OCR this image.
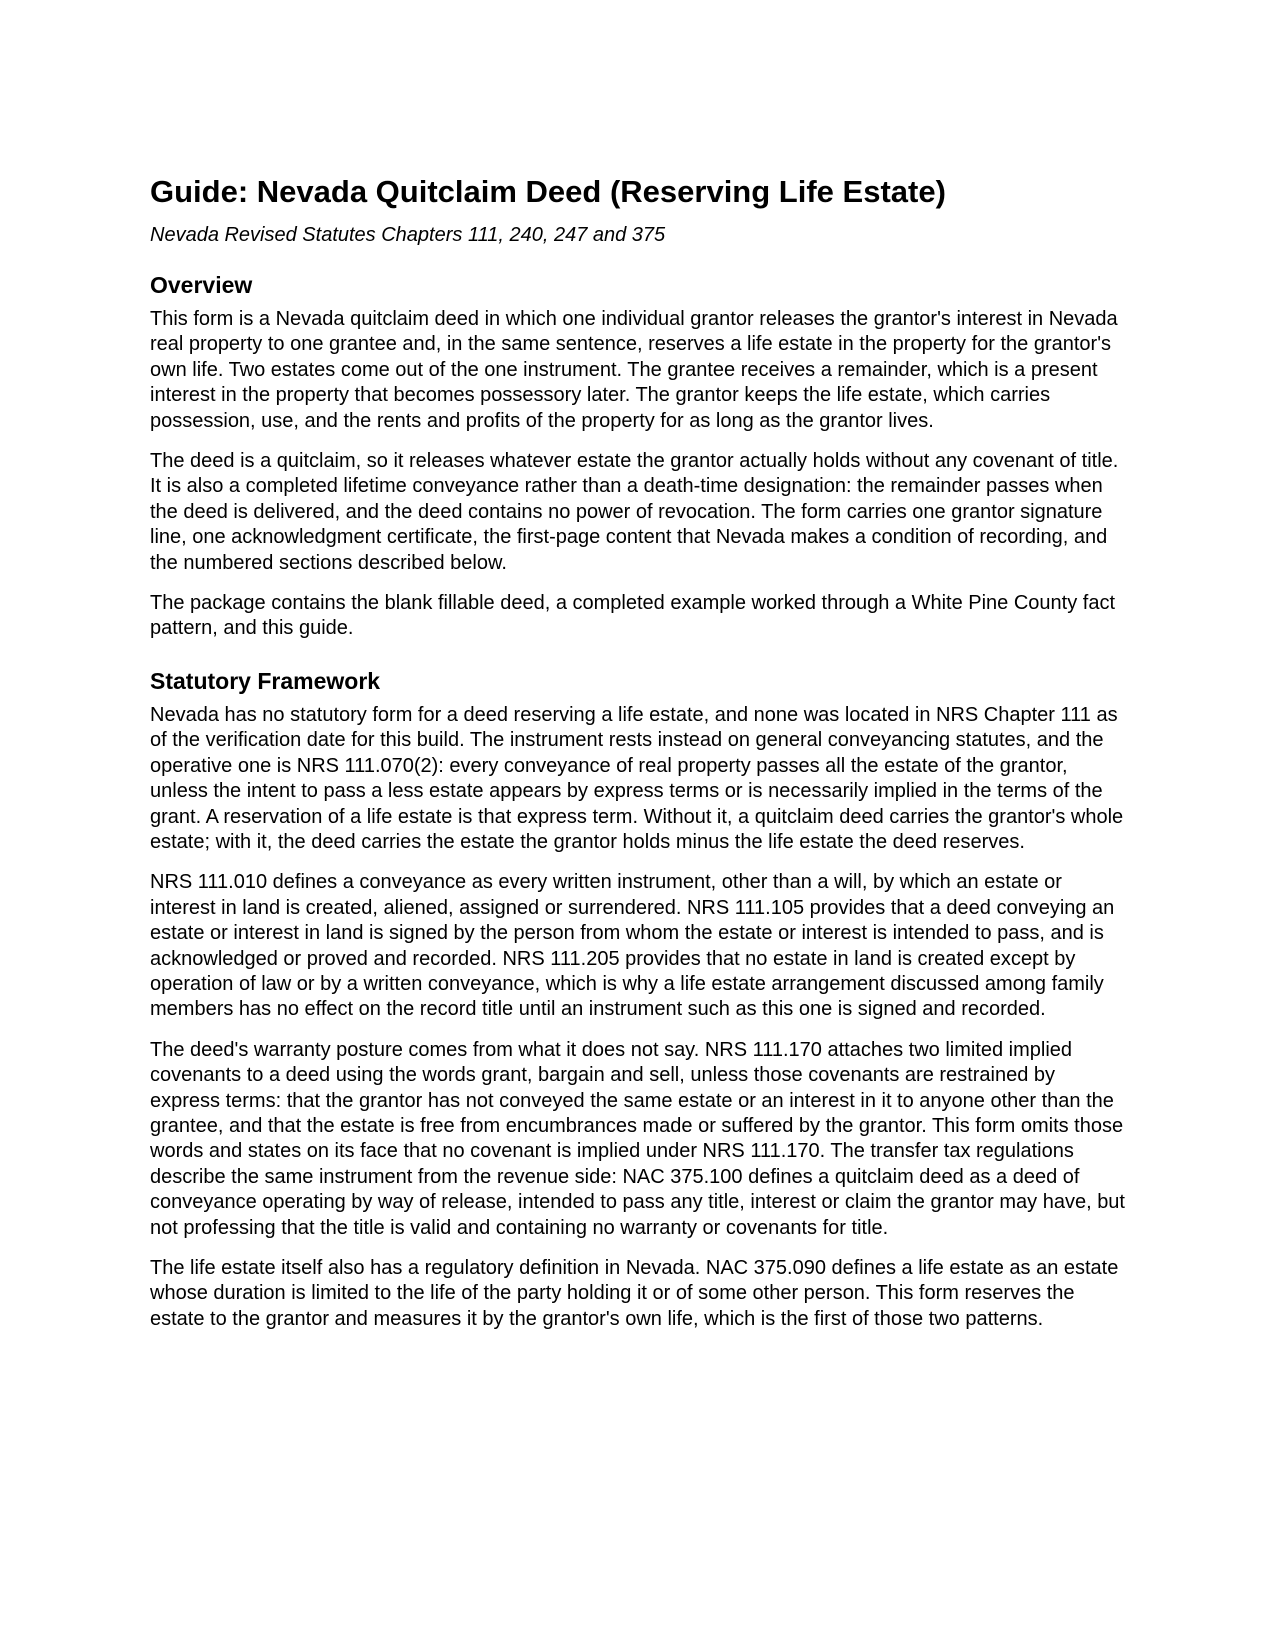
Guide: Nevada Quitclaim Deed (Reserving Life Estate)
Nevada Revised Statutes Chapters 111, 240, 247 and 375
Overview

This form is a Nevada quitclaim deed in which one individual grantor releases the grantor's interest in Nevada real property to one grantee and, in the same sentence, reserves a life estate in the property for the grantor's own life. Two estates come out of the one instrument. The grantee receives a remainder, which is a present interest in the property that becomes possessory later. The grantor keeps the life estate, which carries possession, use, and the rents and profits of the property for as long as the grantor lives.

The deed is a quitclaim, so it releases whatever estate the grantor actually holds without any covenant of title. It is also a completed lifetime conveyance rather than a death-time designation: the remainder passes when the deed is delivered, and the deed contains no power of revocation. The form carries one grantor signature line, one acknowledgment certificate, the first-page content that Nevada makes a condition of recording, and the numbered sections described below.

The package contains the blank fillable deed, a completed example worked through a White Pine County fact pattern, and this guide.

Statutory Framework

Nevada has no statutory form for a deed reserving a life estate, and none was located in NRS Chapter 111 as of the verification date for this build. The instrument rests instead on general conveyancing statutes, and the operative one is NRS 111.070(2): every conveyance of real property passes all the estate of the grantor, unless the intent to pass a less estate appears by express terms or is necessarily implied in the terms of the grant. A reservation of a life estate is that express term. Without it, a quitclaim deed carries the grantor's whole estate; with it, the deed carries the estate the grantor holds minus the life estate the deed reserves.

NRS 111.010 defines a conveyance as every written instrument, other than a will, by which an estate or interest in land is created, aliened, assigned or surrendered. NRS 111.105 provides that a deed conveying an estate or interest in land is signed by the person from whom the estate or interest is intended to pass, and is acknowledged or proved and recorded. NRS 111.205 provides that no estate in land is created except by operation of law or by a written conveyance, which is why a life estate arrangement discussed among family members has no effect on the record title until an instrument such as this one is signed and recorded.

The deed's warranty posture comes from what it does not say. NRS 111.170 attaches two limited implied covenants to a deed using the words grant, bargain and sell, unless those covenants are restrained by express terms: that the grantor has not conveyed the same estate or an interest in it to anyone other than the grantee, and that the estate is free from encumbrances made or suffered by the grantor. This form omits those words and states on its face that no covenant is implied under NRS 111.170. The transfer tax regulations describe the same instrument from the revenue side: NAC 375.100 defines a quitclaim deed as a deed of conveyance operating by way of release, intended to pass any title, interest or claim the grantor may have, but not professing that the title is valid and containing no warranty or covenants for title.

The life estate itself also has a regulatory definition in Nevada. NAC 375.090 defines a life estate as an estate whose duration is limited to the life of the party holding it or of some other person. This form reserves the estate to the grantor and measures it by the grantor's own life, which is the first of those two patterns.
